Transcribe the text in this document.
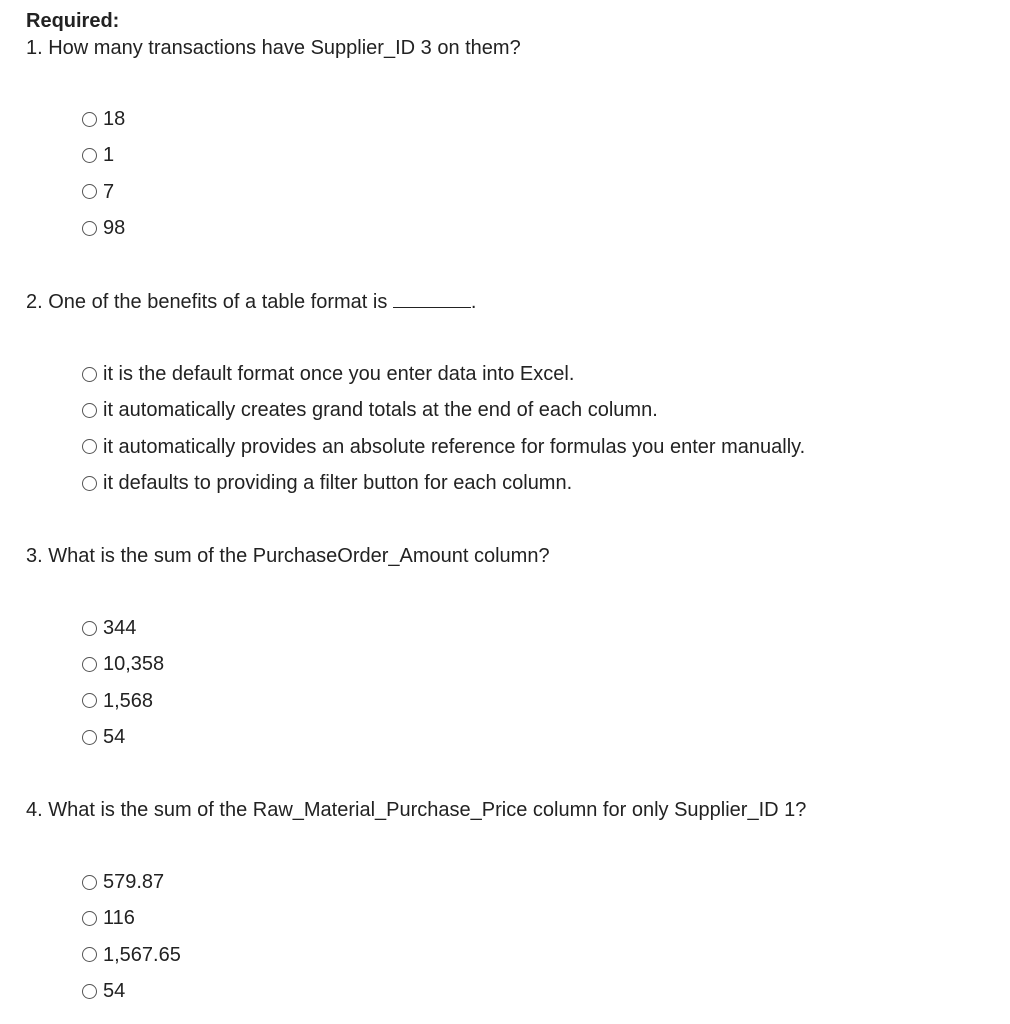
Required:
1. How many transactions have Supplier_ID 3 on them?
18
1
7
98
2. One of the benefits of a table format is	.
it is the default format once you enter data into Excel.
it automatically creates grand totals at the end of each column.
it automatically provides an absolute reference for formulas you enter manually.
it defaults to providing a filter button for each column.
3. What is the sum of the PurchaseOrder_Amount column?
344
10,358
1,568
54
4. What is the sum of the Raw_Material_Purchase_Price column for only Supplier_ID 1?
579.87
116
1,567.65
54
